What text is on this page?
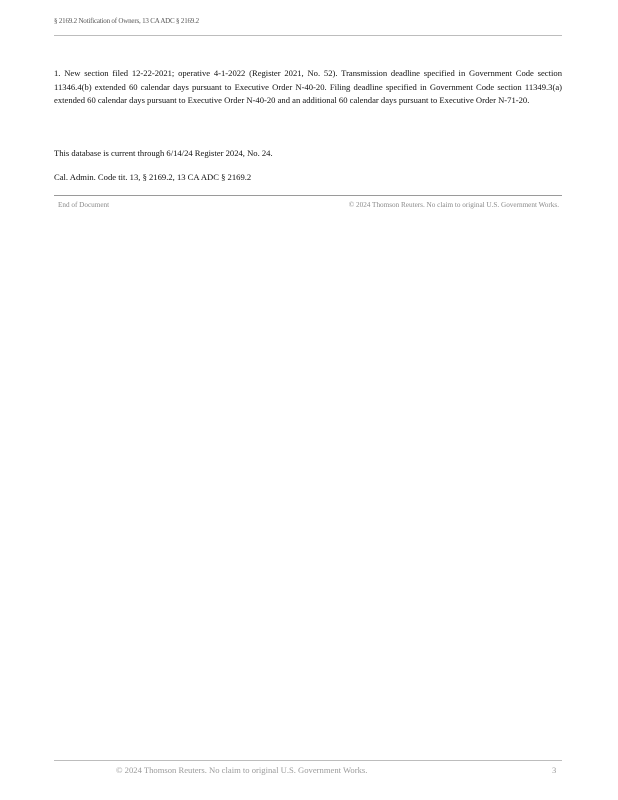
§ 2169.2 Notification of Owners, 13 CA ADC § 2169.2
1. New section filed 12-22-2021; operative 4-1-2022 (Register 2021, No. 52). Transmission deadline specified in Government Code section 11346.4(b) extended 60 calendar days pursuant to Executive Order N-40-20. Filing deadline specified in Government Code section 11349.3(a) extended 60 calendar days pursuant to Executive Order N-40-20 and an additional 60 calendar days pursuant to Executive Order N-71-20.
This database is current through 6/14/24 Register 2024, No. 24.
Cal. Admin. Code tit. 13, § 2169.2, 13 CA ADC § 2169.2
End of Document	© 2024 Thomson Reuters. No claim to original U.S. Government Works.
© 2024 Thomson Reuters. No claim to original U.S. Government Works.	3
